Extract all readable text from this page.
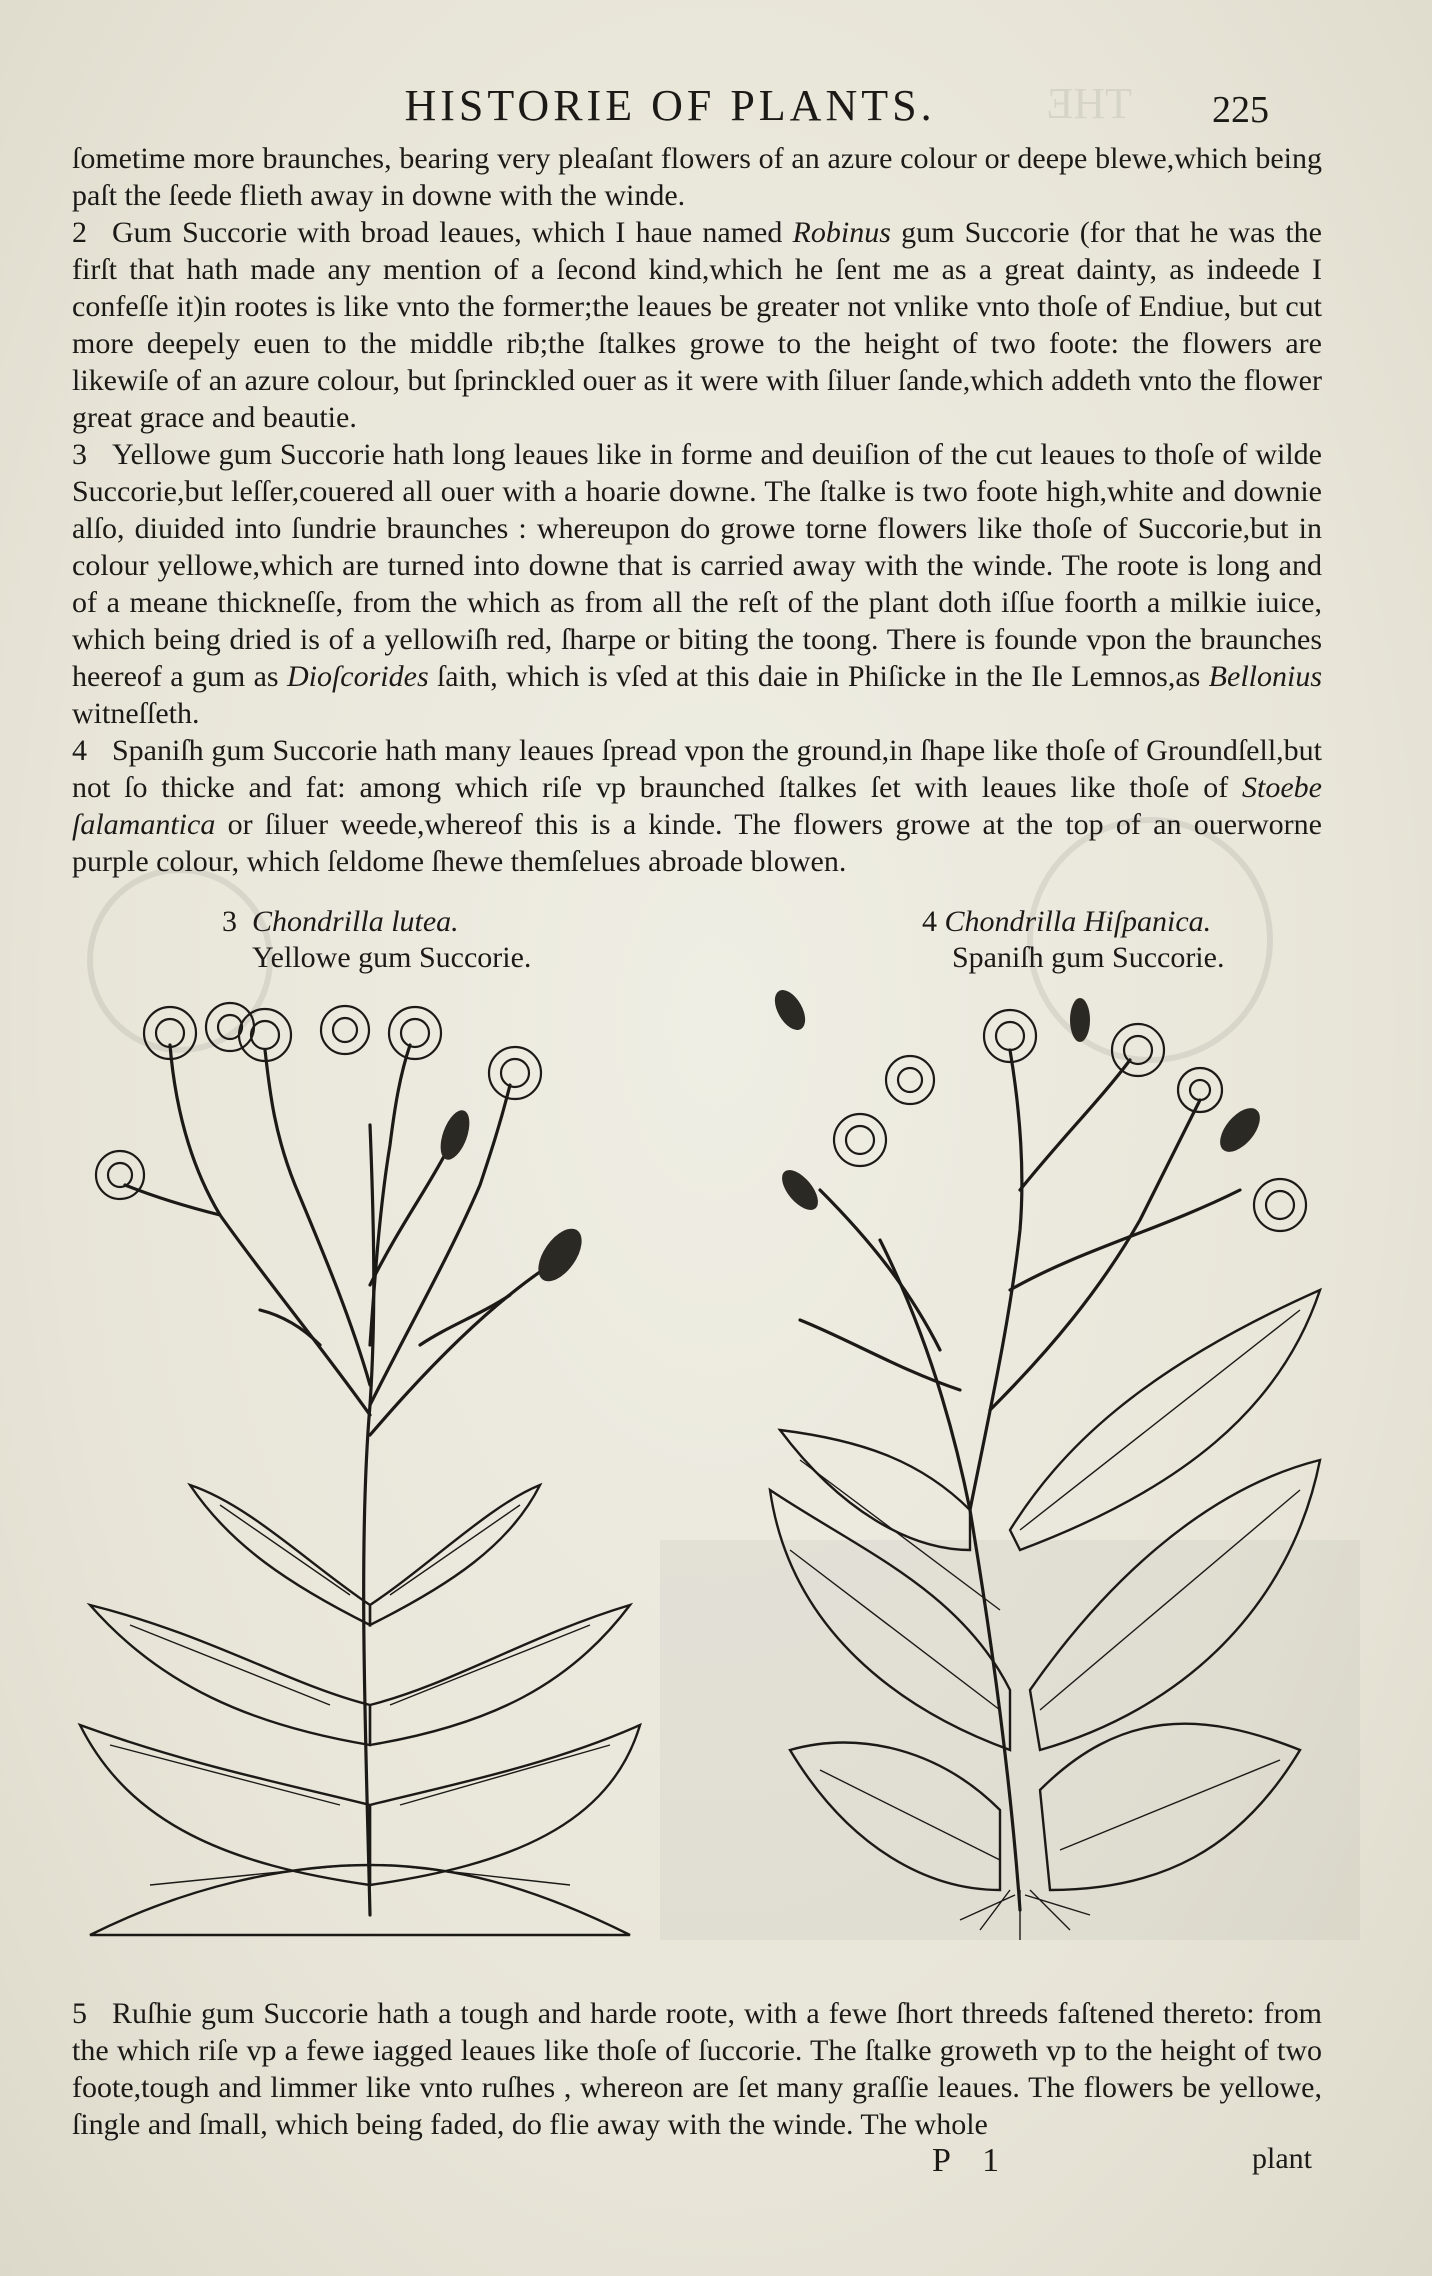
THE
HISTORIE OF PLANTS.	225

ſometime more braunches, bearing very pleaſant flowers of an azure colour or deepe blewe,which being paſt the ſeede flieth away in downe with the winde.

2 Gum Succorie with broad leaues, which I haue named Robinus gum Succorie (for that he was the firſt that hath made any mention of a ſecond kind,which he ſent me as a great dainty, as indeede I confeſſe it)in rootes is like vnto the former;the leaues be greater not vnlike vnto thoſe of Endiue, but cut more deepely euen to the middle rib;the ſtalkes growe to the height of two foote: the flowers are likewiſe of an azure colour, but ſprinckled ouer as it were with ſiluer ſande,which addeth vnto the flower great grace and beautie.

3 Yellowe gum Succorie hath long leaues like in forme and deuiſion of the cut leaues to thoſe of wilde Succorie,but leſſer,couered all ouer with a hoarie downe. The ſtalke is two foote high,white and downie alſo, diuided into ſundrie braunches : whereupon do growe torne flowers like thoſe of Succorie,but in colour yellowe,which are turned into downe that is carried away with the winde. The roote is long and of a meane thickneſſe, from the which as from all the reſt of the plant doth iſſue foorth a milkie iuice, which being dried is of a yellowiſh red, ſharpe or biting the toong. There is founde vpon the braunches heereof a gum as Dioſcorides ſaith, which is vſed at this daie in Phiſicke in the Ile Lemnos,as Bellonius witneſſeth.

4 Spaniſh gum Succorie hath many leaues ſpread vpon the ground,in ſhape like thoſe of Groundſell,but not ſo thicke and fat: among which riſe vp braunched ſtalkes ſet with leaues like thoſe of Stoebe ſalamantica or ſiluer weede,whereof this is a kinde. The flowers growe at the top of an ouerworne purple colour, which ſeldome ſhewe themſelues abroade blowen.

3 Chondrilla lutea.
Yellowe gum Succorie.
4 Chondrilla Hiſpanica.
Spaniſh gum Succorie.

5 Ruſhie gum Succorie hath a tough and harde roote, with a fewe ſhort threeds faſtened thereto: from the which riſe vp a fewe iagged leaues like thoſe of ſuccorie. The ſtalke groweth vp to the height of two foote,tough and limmer like vnto ruſhes , whereon are ſet many graſſie leaues. The flowers be yellowe, ſingle and ſmall, which being faded, do flie away with the winde. The whole

P 1	plant
